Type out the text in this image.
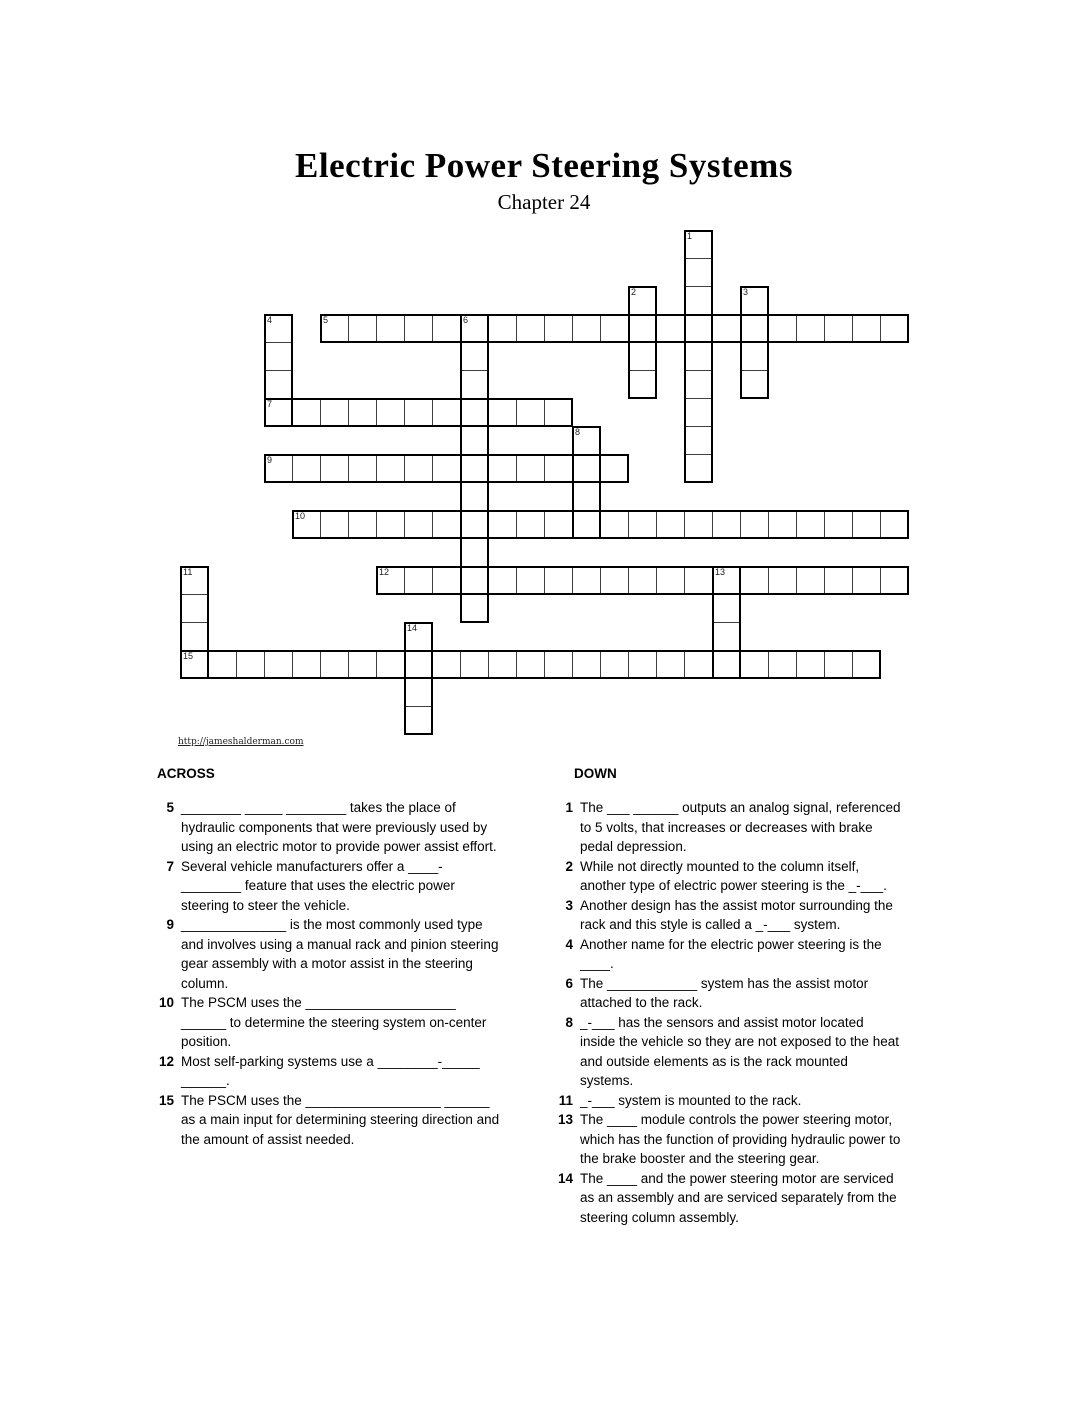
Electric Power Steering Systems
Chapter 24
1
2	3
4	5	6
7
8
9
10
11	12	13
14
15
http://jameshalderman.com
ACROSS
5 ________ _____ ________ takes the place of hydraulic components that were previously used by using an electric motor to provide power assist effort.
7 Several vehicle manufacturers offer a ____-________ feature that uses the electric power steering to steer the vehicle.
9 ______________ is the most commonly used type and involves using a manual rack and pinion steering gear assembly with a motor assist in the steering column.
10 The PSCM uses the ____________________ ______ to determine the steering system on-center position.
12 Most self-parking systems use a ________-_____ ______.
15 The PSCM uses the __________________ ______ as a main input for determining steering direction and the amount of assist needed.
DOWN
1 The ___ ______ outputs an analog signal, referenced to 5 volts, that increases or decreases with brake pedal depression.
2 While not directly mounted to the column itself, another type of electric power steering is the _-___.
3 Another design has the assist motor surrounding the rack and this style is called a _-___ system.
4 Another name for the electric power steering is the ____.
6 The ____________ system has the assist motor attached to the rack.
8 _-___ has the sensors and assist motor located inside the vehicle so they are not exposed to the heat and outside elements as is the rack mounted systems.
11 _-___ system is mounted to the rack.
13 The ____ module controls the power steering motor, which has the function of providing hydraulic power to the brake booster and the steering gear.
14 The ____ and the power steering motor are serviced as an assembly and are serviced separately from the steering column assembly.
